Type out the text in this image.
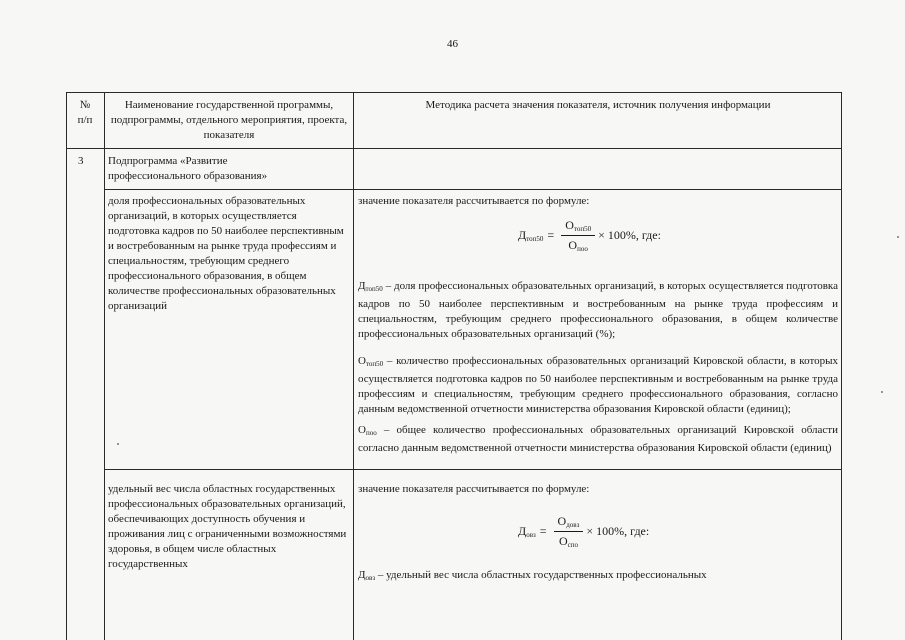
46
№
п/п
Наименование государственной программы, подпрограммы, отдельного мероприятия, проекта, показателя
Методика расчета значения показателя, источник получения информации
3	Подпрограмма «Развитие профессионального образования»
доля профессиональных образовательных организаций, в которых осуществляется подготовка кадров по 50 наиболее перспективным и востребованным на рынке труда профессиям и специальностям, требующим среднего профессионального образования, в общем количестве профессиональных образовательных организаций
значение показателя рассчитывается по формуле:
$Д_{топ50} = \frac{О_{топ50}}{О_{поо}} \times 100\%$, где:
$Д_{топ50}$ – доля профессиональных образовательных организаций, в которых осуществляется подготовка кадров по 50 наиболее перспективным и востребованным на рынке труда профессиям и специальностям, требующим среднего профессионального образования, в общем количестве профессиональных образовательных организаций (%);
$О_{топ50}$ – количество профессиональных образовательных организаций Кировской области, в которых осуществляется подготовка кадров по 50 наиболее перспективным и востребованным на рынке труда профессиям и специальностям, требующим среднего профессионального образования, согласно данным ведомственной отчетности министерства образования Кировской области (единиц);
$О_{поо}$ – общее количество профессиональных образовательных организаций Кировской области согласно данным ведомственной отчетности министерства образования Кировской области (единиц)
удельный вес числа областных государственных профессиональных образовательных организаций, обеспечивающих доступность обучения и проживания лиц с ограниченными возможностями здоровья, в общем числе областных государственных
значение показателя рассчитывается по формуле:
$Д_{овз} = \frac{О_{довз}}{О_{спо}} \times 100\%$, где:
$Д_{овз}$ – удельный вес числа областных государственных профессиональных
